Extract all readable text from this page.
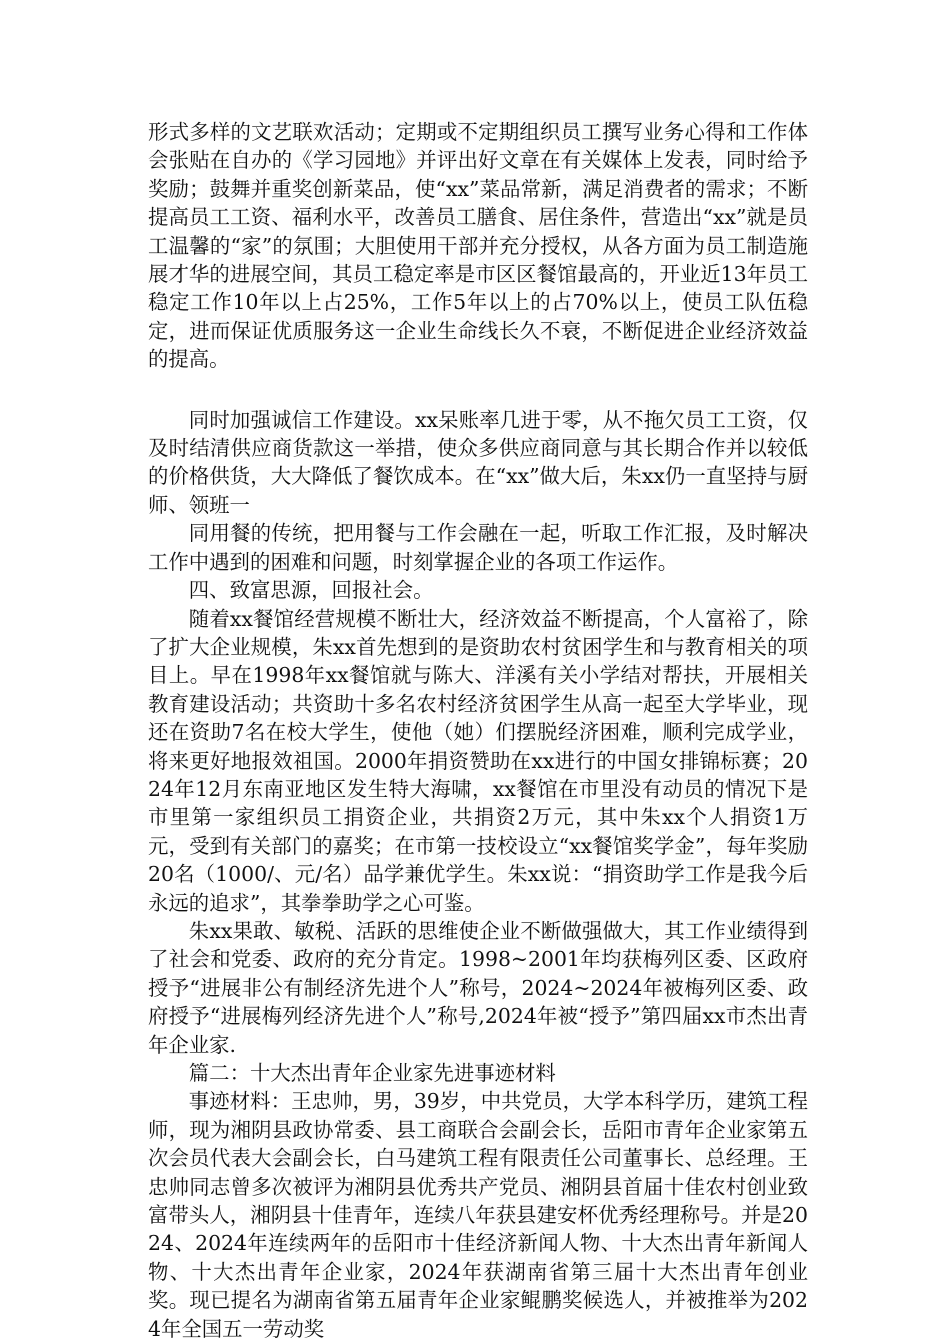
形式多样的文艺联欢活动；定期或不定期组织员工撰写业务心得和工作体会张贴在自办的《学习园地》并评出好文章在有关媒体上发表，同时给予奖励；鼓舞并重奖创新菜品，使“xx”菜品常新，满足消费者的需求；不断提高员工工资、福利水平，改善员工膳食、居住条件，营造出“xx”就是员工温馨的“家”的氛围；大胆使用干部并充分授权，从各方面为员工制造施展才华的进展空间，其员工稳定率是市区区餐馆最高的，开业近13年员工稳定工作10年以上占25%，工作5年以上的占70%以上，使员工队伍稳定，进而保证优质服务这一企业生命线长久不衰，不断促进企业经济效益的提高。

同时加强诚信工作建设。xx呆账率几进于零，从不拖欠员工工资，仅及时结清供应商货款这一举措，使众多供应商同意与其长期合作并以较低的价格供货，大大降低了餐饮成本。在“xx”做大后，朱xx仍一直坚持与厨师、领班一

同用餐的传统，把用餐与工作会融在一起，听取工作汇报，及时解决工作中遇到的困难和问题，时刻掌握企业的各项工作运作。

四、致富思源，回报社会。

随着xx餐馆经营规模不断壮大，经济效益不断提高，个人富裕了，除了扩大企业规模，朱xx首先想到的是资助农村贫困学生和与教育相关的项目上。早在1998年xx餐馆就与陈大、洋溪有关小学结对帮扶，开展相关教育建设活动；共资助十多名农村经济贫困学生从高一起至大学毕业，现还在资助7名在校大学生，使他（她）们摆脱经济困难，顺利完成学业，将来更好地报效祖国。2000年捐资赞助在xx进行的中国女排锦标赛；2024年12月东南亚地区发生特大海啸，xx餐馆在市里没有动员的情况下是市里第一家组织员工捐资企业，共捐资2万元，其中朱xx个人捐资1万元，受到有关部门的嘉奖；在市第一技校设立“xx餐馆奖学金”，每年奖励20名（1000/、元/名）品学兼优学生。朱xx说：“捐资助学工作是我今后永远的追求”，其拳拳助学之心可鉴。

朱xx果敢、敏税、活跃的思维使企业不断做强做大，其工作业绩得到了社会和党委、政府的充分肯定。1998~2001年均获梅列区委、区政府授予“进展非公有制经济先进个人”称号，2024~2024年被梅列区委、政府授予“进展梅列经济先进个人”称号,2024年被“授予”第四届xx市杰出青年企业家.

篇二：十大杰出青年企业家先进事迹材料

事迹材料：王忠帅，男，39岁，中共党员，大学本科学历，建筑工程师，现为湘阴县政协常委、县工商联合会副会长，岳阳市青年企业家第五次会员代表大会副会长，白马建筑工程有限责任公司董事长、总经理。王忠帅同志曾多次被评为湘阴县优秀共产党员、湘阴县首届十佳农村创业致富带头人，湘阴县十佳青年，连续八年获县建安杯优秀经理称号。并是2024、2024年连续两年的岳阳市十佳经济新闻人物、十大杰出青年新闻人物、十大杰出青年企业家，2024年获湖南省第三届十大杰出青年创业奖。现已提名为湖南省第五届青年企业家鲲鹏奖候选人，并被推举为2024年全国五一劳动奖
